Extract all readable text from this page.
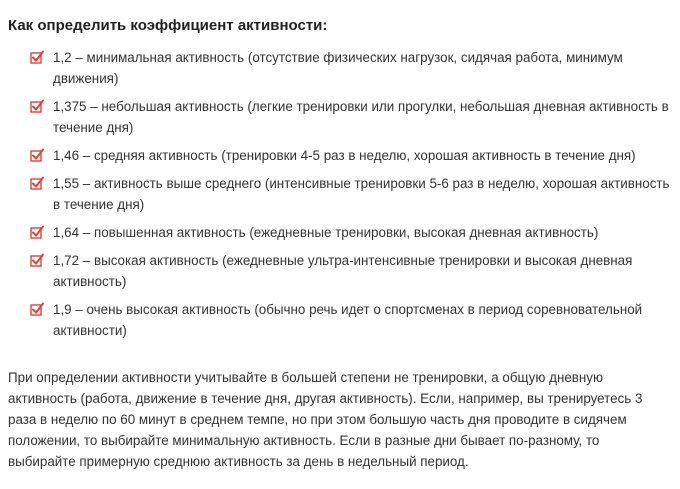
Как определить коэффициент активности:
1,2 – минимальная активность (отсутствие физических нагрузок, сидячая работа, минимум движения)
1,375 – небольшая активность (легкие тренировки или прогулки, небольшая дневная активность в течение дня)
1,46 – средняя активность (тренировки 4-5 раз в неделю, хорошая активность в течение дня)
1,55 – активность выше среднего (интенсивные тренировки 5-6 раз в неделю, хорошая активность в течение дня)
1,64 – повышенная активность (ежедневные тренировки, высокая дневная активность)
1,72 – высокая активность (ежедневные ультра-интенсивные тренировки и высокая дневная активность)
1,9 – очень высокая активность (обычно речь идет о спортсменах в период соревновательной активности)

При определении активности учитывайте в большей степени не тренировки, а общую дневную активность (работа, движение в течение дня, другая активность). Если, например, вы тренируетесь 3 раза в неделю по 60 минут в среднем темпе, но при этом большую часть дня проводите в сидячем положении, то выбирайте минимальную активность. Если в разные дни бывает по-разному, то выбирайте примерную среднюю активность за день в недельный период.
